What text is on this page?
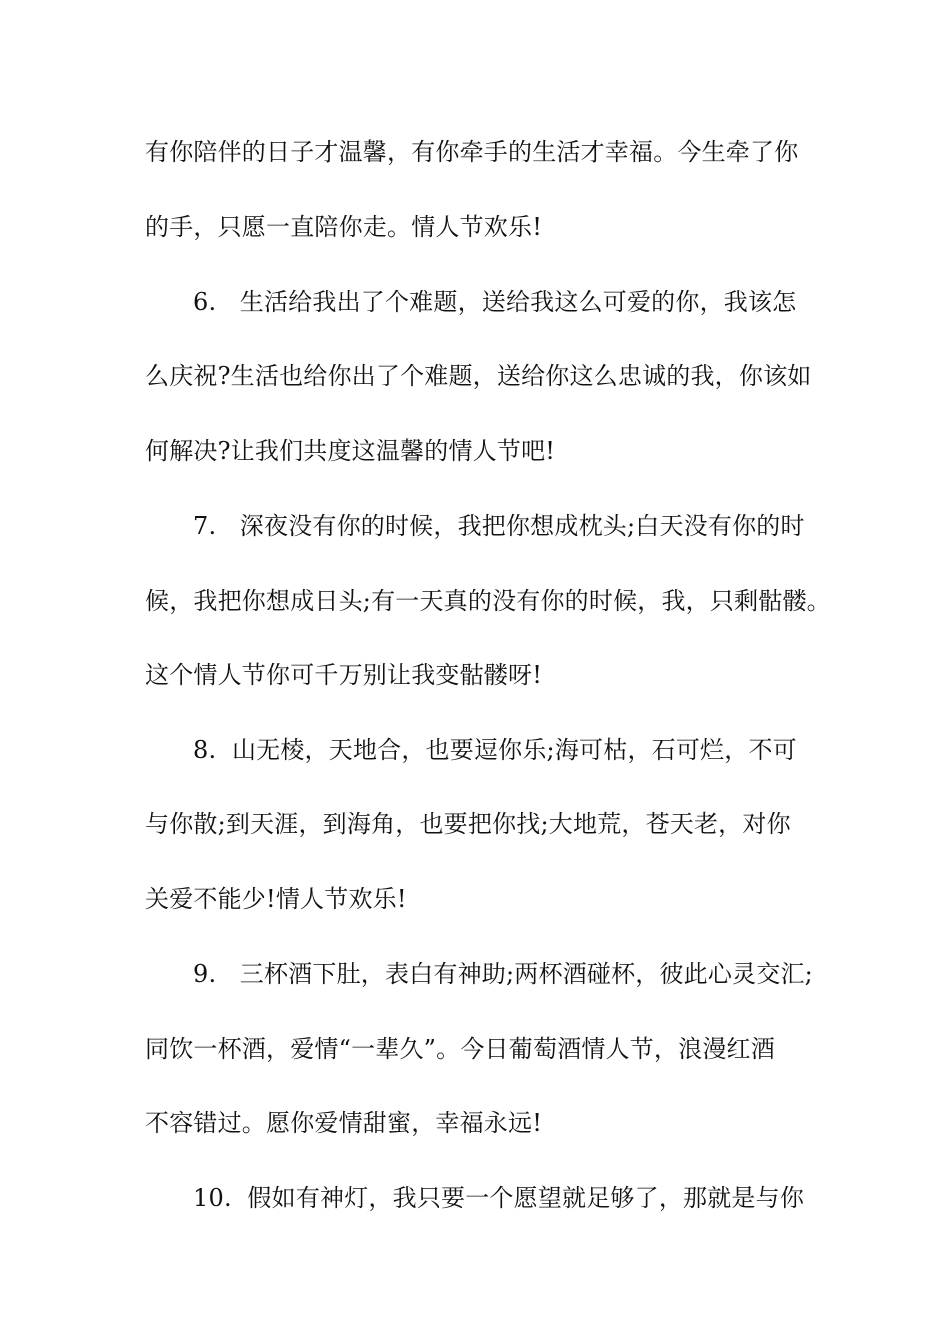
有你陪伴的日子才温馨，有你牵手的生活才幸福。今生牵了你
的手，只愿一直陪你走。情人节欢乐!
6.   生活给我出了个难题，送给我这么可爱的你，我该怎
么庆祝?生活也给你出了个难题，送给你这么忠诚的我，你该如
何解决?让我们共度这温馨的情人节吧!
7.   深夜没有你的时候，我把你想成枕头;白天没有你的时
候，我把你想成日头;有一天真的没有你的时候，我，只剩骷髅。
这个情人节你可千万别让我变骷髅呀!
8.  山无棱，天地合，也要逗你乐;海可枯，石可烂，不可
与你散;到天涯，到海角，也要把你找;大地荒，苍天老，对你
关爱不能少!情人节欢乐!
9.   三杯酒下肚，表白有神助;两杯酒碰杯，彼此心灵交汇;
同饮一杯酒，爱情“一辈久”。今日葡萄酒情人节，浪漫红酒
不容错过。愿你爱情甜蜜，幸福永远!
10.  假如有神灯，我只要一个愿望就足够了，那就是与你
